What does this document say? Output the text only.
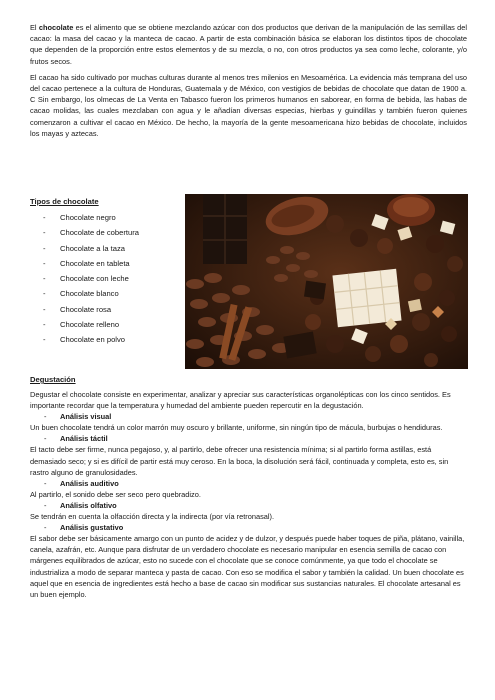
El chocolate es el alimento que se obtiene mezclando azúcar con dos productos que derivan de la manipulación de las semillas del cacao: la masa del cacao y la manteca de cacao. A partir de esta combinación básica se elaboran los distintos tipos de chocolate que dependen de la proporción entre estos elementos y de su mezcla, o no, con otros productos ya sea como leche, colorante, y/o frutos secos.

El cacao ha sido cultivado por muchas culturas durante al menos tres milenios en Mesoamérica. La evidencia más temprana del uso del cacao pertenece a la cultura de Honduras, Guatemala y de México, con vestigios de bebidas de chocolate que datan de 1900 a. C Sin embargo, los olmecas de La Venta en Tabasco fueron los primeros humanos en saborear, en forma de bebida, las habas de cacao molidas, las cuales mezclaban con agua y le añadían diversas especias, hierbas y guindillas y también fueron quienes comenzaron a cultivar el cacao en México. De hecho, la mayoría de la gente mesoamericana hizo bebidas de chocolate, incluidos los mayas y aztecas.

Tipos de chocolate
-	Chocolate negro
-	Chocolate de cobertura
-	Chocolate a la taza
-	Chocolate en tableta
-	Chocolate con leche
-	Chocolate blanco
-	Chocolate rosa
-	Chocolate relleno
-	Chocolate en polvo
Degustación

Degustar el chocolate consiste en experimentar, analizar y apreciar sus características organolépticas con los cinco sentidos. Es importante recordar que la temperatura y humedad del ambiente pueden repercutir en la degustación.

-	Análisis visual

Un buen chocolate tendrá un color marrón muy oscuro y brillante, uniforme, sin ningún tipo de mácula, burbujas o hendiduras.

-	Análisis táctil

El tacto debe ser firme, nunca pegajoso, y, al partirlo, debe ofrecer una resistencia mínima; si al partirlo forma astillas, está demasiado seco; y si es difícil de partir está muy ceroso. En la boca, la disolución será fácil, continuada y completa, esto es, sin rastro alguno de granulosidades.

-	Análisis auditivo

Al partirlo, el sonido debe ser seco pero quebradizo.

-	Análisis olfativo

Se tendrán en cuenta la olfacción directa y la indirecta (por vía retronasal).

-	Análisis gustativo

El sabor debe ser básicamente amargo con un punto de acidez y de dulzor, y después puede haber toques de piña, plátano, vainilla, canela, azafrán, etc. Aunque para disfrutar de un verdadero chocolate es necesario manipular en esencia semilla de cacao con márgenes equilibrados de azúcar, esto no sucede con el chocolate que se conoce comúnmente, ya que todo el chocolate se industrializa a modo de separar manteca y pasta de cacao. Con eso se modifica el sabor y también la calidad. Un buen chocolate es aquel que en esencia de ingredientes está hecho a base de cacao sin modificar sus sustancias naturales. El chocolate artesanal es un buen ejemplo.
